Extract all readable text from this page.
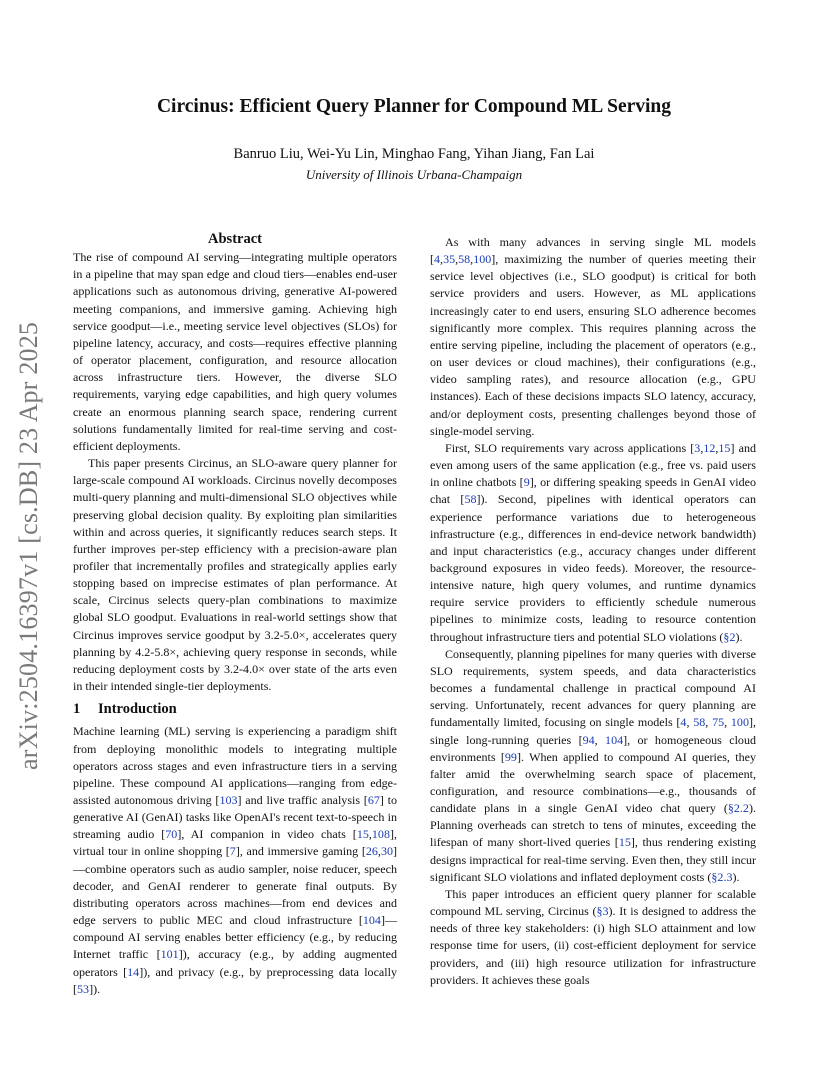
arXiv:2504.16397v1 [cs.DB] 23 Apr 2025
Circinus: Efficient Query Planner for Compound ML Serving
Banruo Liu, Wei-Yu Lin, Minghao Fang, Yihan Jiang, Fan Lai
University of Illinois Urbana-Champaign
Abstract

The rise of compound AI serving—integrating multiple operators in a pipeline that may span edge and cloud tiers—enables end-user applications such as autonomous driving, generative AI-powered meeting companions, and immersive gaming. Achieving high service goodput—i.e., meeting service level objectives (SLOs) for pipeline latency, accuracy, and costs—requires effective planning of operator placement, configuration, and resource allocation across infrastructure tiers. However, the diverse SLO requirements, varying edge capabilities, and high query volumes create an enormous planning search space, rendering current solutions fundamentally limited for real-time serving and cost-efficient deployments.

This paper presents Circinus, an SLO-aware query planner for large-scale compound AI workloads. Circinus novelly decomposes multi-query planning and multi-dimensional SLO objectives while preserving global decision quality. By exploiting plan similarities within and across queries, it significantly reduces search steps. It further improves per-step efficiency with a precision-aware plan profiler that incrementally profiles and strategically applies early stopping based on imprecise estimates of plan performance. At scale, Circinus selects query-plan combinations to maximize global SLO goodput. Evaluations in real-world settings show that Circinus improves service goodput by 3.2-5.0×, accelerates query planning by 4.2-5.8×, achieving query response in seconds, while reducing deployment costs by 3.2-4.0× over state of the arts even in their intended single-tier deployments.

1 Introduction

Machine learning (ML) serving is experiencing a paradigm shift from deploying monolithic models to integrating multiple operators across stages and even infrastructure tiers in a serving pipeline. These compound AI applications—ranging from edge-assisted autonomous driving [103] and live traffic analysis [67] to generative AI (GenAI) tasks like OpenAI's recent text-to-speech in streaming audio [70], AI companion in video chats [15,108], virtual tour in online shopping [7], and immersive gaming [26,30]—combine operators such as audio sampler, noise reducer, speech decoder, and GenAI renderer to generate final outputs. By distributing operators across machines—from end devices and edge servers to public MEC and cloud infrastructure [104]—compound AI serving enables better efficiency (e.g., by reducing Internet traffic [101]), accuracy (e.g., by adding augmented operators [14]), and privacy (e.g., by preprocessing data locally [53]).

As with many advances in serving single ML models [4,35,58,100], maximizing the number of queries meeting their service level objectives (i.e., SLO goodput) is critical for both service providers and users. However, as ML applications increasingly cater to end users, ensuring SLO adherence becomes significantly more complex. This requires planning across the entire serving pipeline, including the placement of operators (e.g., on user devices or cloud machines), their configurations (e.g., video sampling rates), and resource allocation (e.g., GPU instances). Each of these decisions impacts SLO latency, accuracy, and/or deployment costs, presenting challenges beyond those of single-model serving.

First, SLO requirements vary across applications [3,12,15] and even among users of the same application (e.g., free vs. paid users in online chatbots [9], or differing speaking speeds in GenAI video chat [58]). Second, pipelines with identical operators can experience performance variations due to heterogeneous infrastructure (e.g., differences in end-device network bandwidth) and input characteristics (e.g., accuracy changes under different background exposures in video feeds). Moreover, the resource-intensive nature, high query volumes, and runtime dynamics require service providers to efficiently schedule numerous pipelines to minimize costs, leading to resource contention throughout infrastructure tiers and potential SLO violations (§2).

Consequently, planning pipelines for many queries with diverse SLO requirements, system speeds, and data characteristics becomes a fundamental challenge in practical compound AI serving. Unfortunately, recent advances for query planning are fundamentally limited, focusing on single models [4, 58, 75, 100], single long-running queries [94, 104], or homogeneous cloud environments [99]. When applied to compound AI queries, they falter amid the overwhelming search space of placement, configuration, and resource combinations—e.g., thousands of candidate plans in a single GenAI video chat query (§2.2). Planning overheads can stretch to tens of minutes, exceeding the lifespan of many short-lived queries [15], thus rendering existing designs impractical for real-time serving. Even then, they still incur significant SLO violations and inflated deployment costs (§2.3).

This paper introduces an efficient query planner for scalable compound ML serving, Circinus (§3). It is designed to address the needs of three key stakeholders: (i) high SLO attainment and low response time for users, (ii) cost-efficient deployment for service providers, and (iii) high resource utilization for infrastructure providers. It achieves these goals
